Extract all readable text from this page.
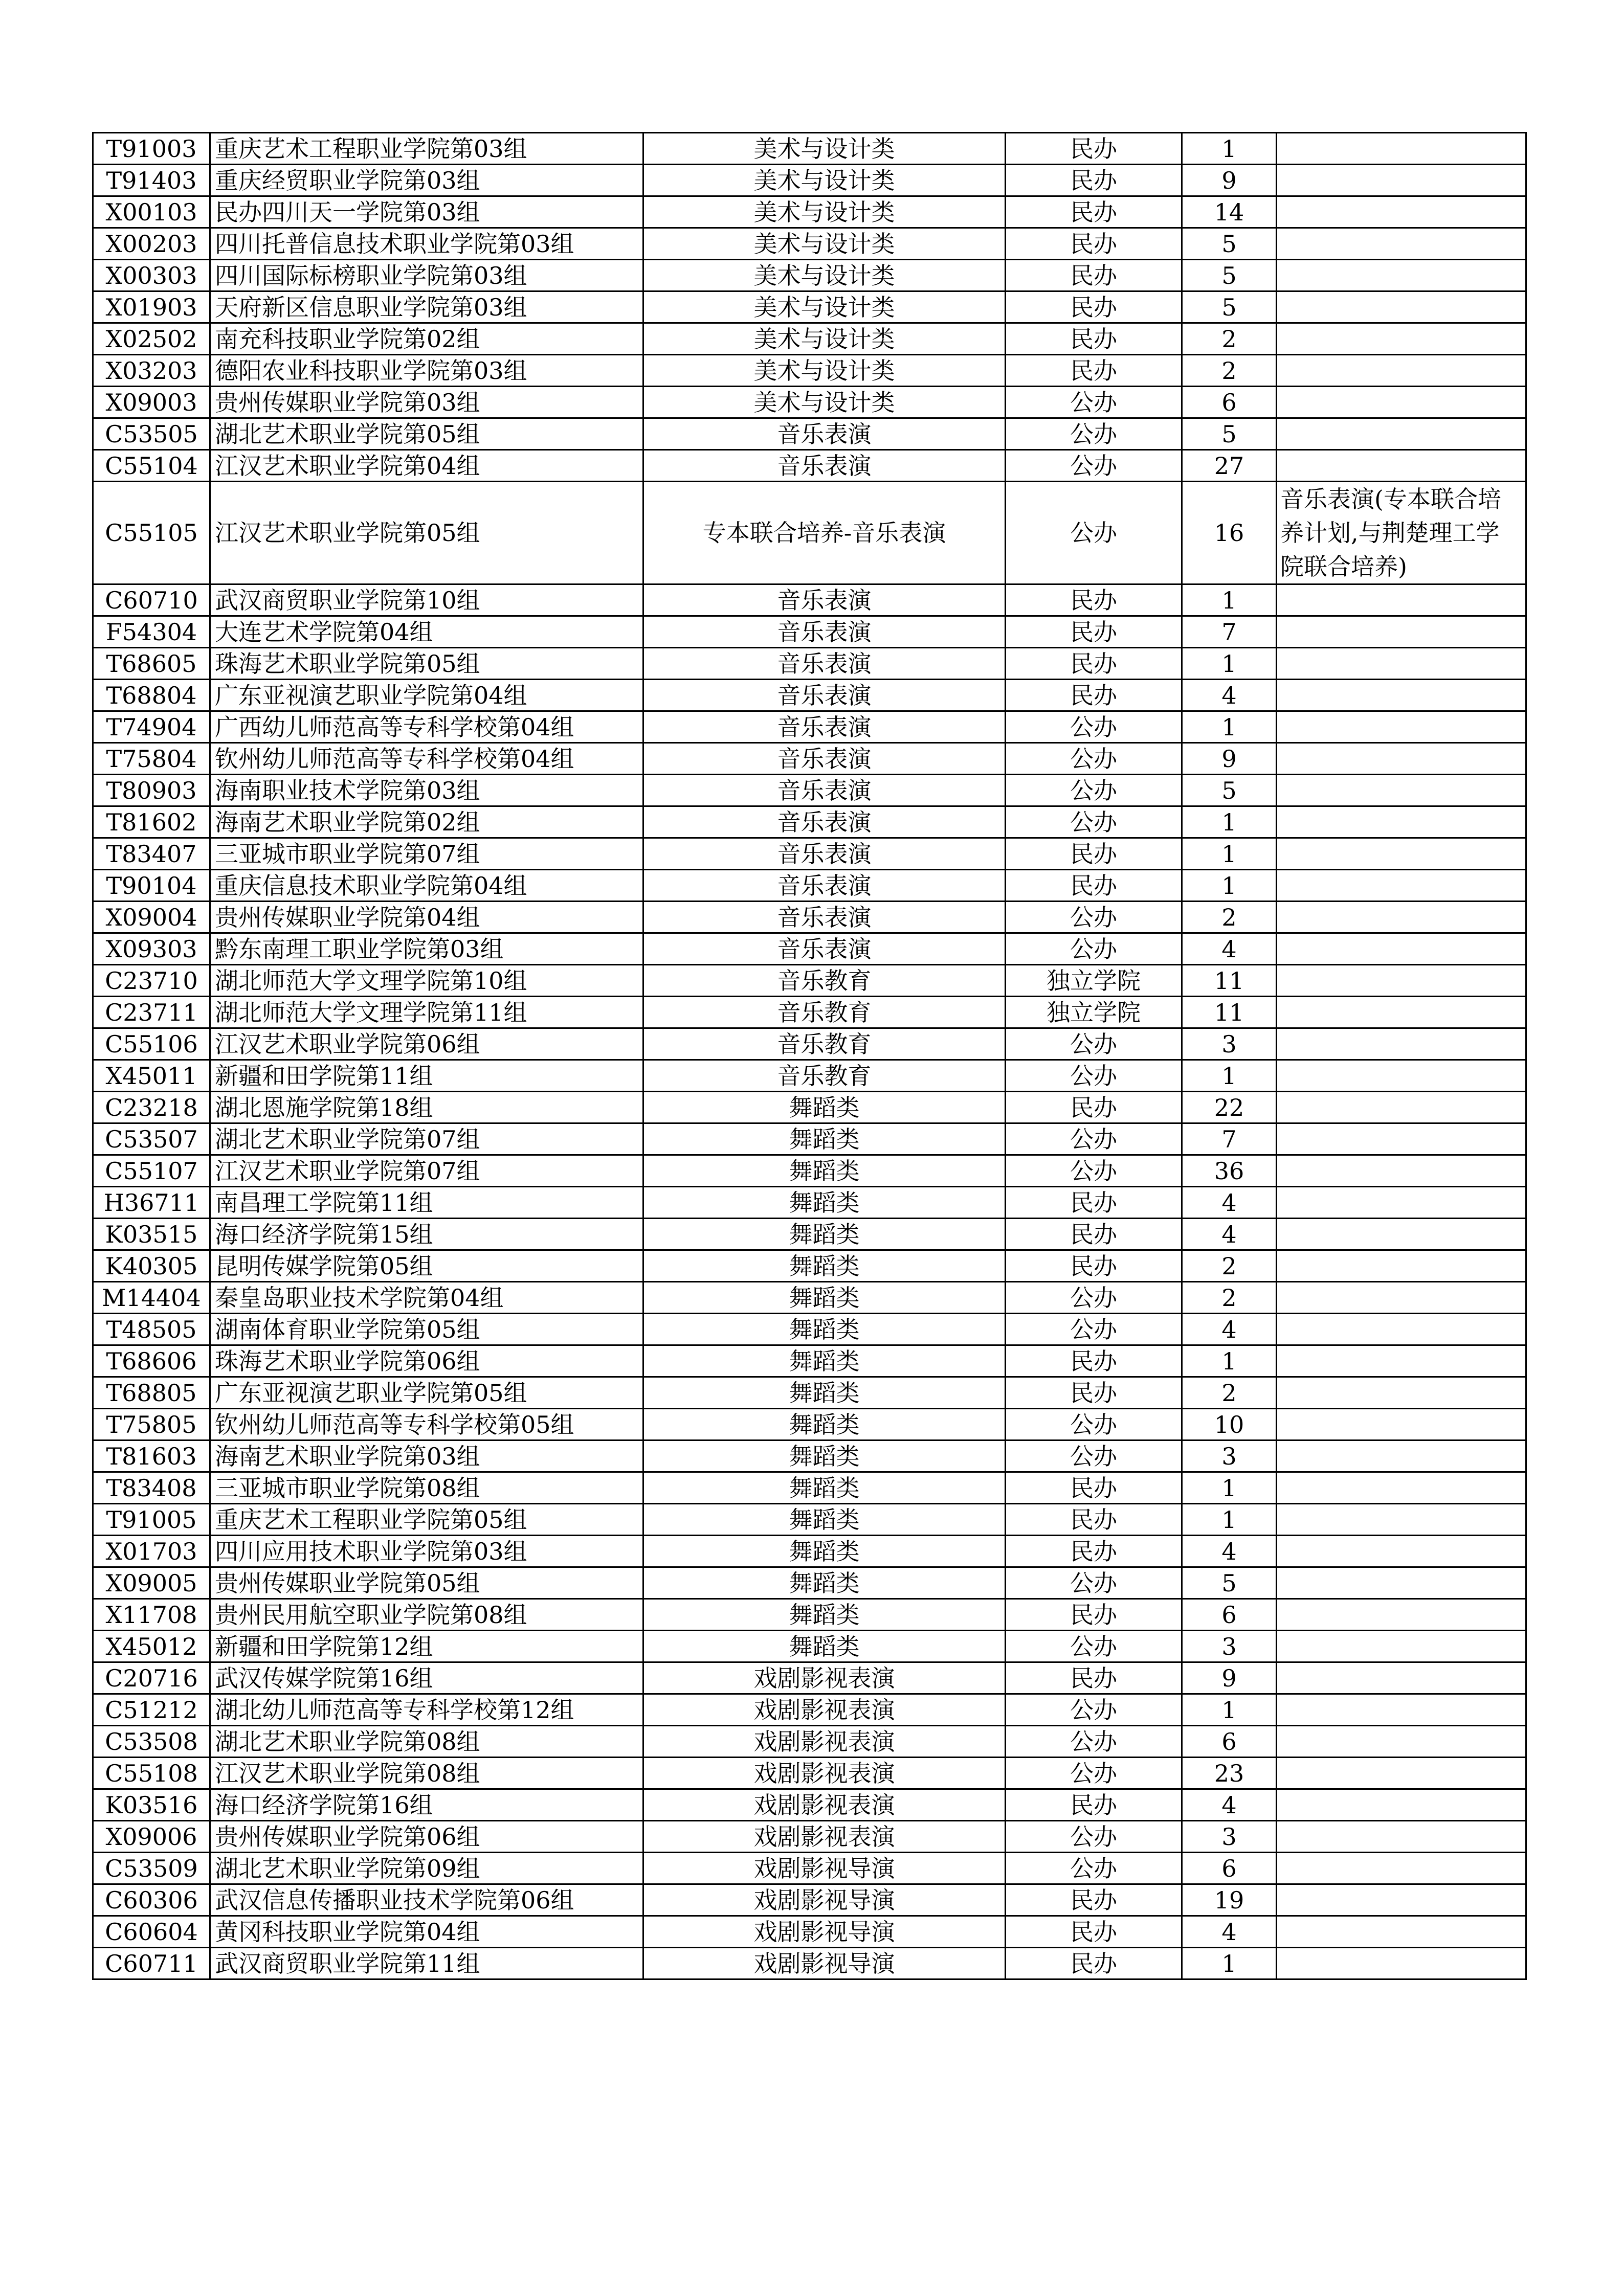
T91003	重庆艺术工程职业学院第03组	美术与设计类	民办	1	
T91403	重庆经贸职业学院第03组	美术与设计类	民办	9	
X00103	民办四川天一学院第03组	美术与设计类	民办	14	
X00203	四川托普信息技术职业学院第03组	美术与设计类	民办	5	
X00303	四川国际标榜职业学院第03组	美术与设计类	民办	5	
X01903	天府新区信息职业学院第03组	美术与设计类	民办	5	
X02502	南充科技职业学院第02组	美术与设计类	民办	2	
X03203	德阳农业科技职业学院第03组	美术与设计类	民办	2	
X09003	贵州传媒职业学院第03组	美术与设计类	公办	6	
C53505	湖北艺术职业学院第05组	音乐表演	公办	5	
C55104	江汉艺术职业学院第04组	音乐表演	公办	27	
C55105	江汉艺术职业学院第05组	专本联合培养-音乐表演	公办	16	音乐表演(专本联合培养计划,与荆楚理工学院联合培养)
C60710	武汉商贸职业学院第10组	音乐表演	民办	1	
F54304	大连艺术学院第04组	音乐表演	民办	7	
T68605	珠海艺术职业学院第05组	音乐表演	民办	1	
T68804	广东亚视演艺职业学院第04组	音乐表演	民办	4	
T74904	广西幼儿师范高等专科学校第04组	音乐表演	公办	1	
T75804	钦州幼儿师范高等专科学校第04组	音乐表演	公办	9	
T80903	海南职业技术学院第03组	音乐表演	公办	5	
T81602	海南艺术职业学院第02组	音乐表演	公办	1	
T83407	三亚城市职业学院第07组	音乐表演	民办	1	
T90104	重庆信息技术职业学院第04组	音乐表演	民办	1	
X09004	贵州传媒职业学院第04组	音乐表演	公办	2	
X09303	黔东南理工职业学院第03组	音乐表演	公办	4	
C23710	湖北师范大学文理学院第10组	音乐教育	独立学院	11	
C23711	湖北师范大学文理学院第11组	音乐教育	独立学院	11	
C55106	江汉艺术职业学院第06组	音乐教育	公办	3	
X45011	新疆和田学院第11组	音乐教育	公办	1	
C23218	湖北恩施学院第18组	舞蹈类	民办	22	
C53507	湖北艺术职业学院第07组	舞蹈类	公办	7	
C55107	江汉艺术职业学院第07组	舞蹈类	公办	36	
H36711	南昌理工学院第11组	舞蹈类	民办	4	
K03515	海口经济学院第15组	舞蹈类	民办	4	
K40305	昆明传媒学院第05组	舞蹈类	民办	2	
M14404	秦皇岛职业技术学院第04组	舞蹈类	公办	2	
T48505	湖南体育职业学院第05组	舞蹈类	公办	4	
T68606	珠海艺术职业学院第06组	舞蹈类	民办	1	
T68805	广东亚视演艺职业学院第05组	舞蹈类	民办	2	
T75805	钦州幼儿师范高等专科学校第05组	舞蹈类	公办	10	
T81603	海南艺术职业学院第03组	舞蹈类	公办	3	
T83408	三亚城市职业学院第08组	舞蹈类	民办	1	
T91005	重庆艺术工程职业学院第05组	舞蹈类	民办	1	
X01703	四川应用技术职业学院第03组	舞蹈类	民办	4	
X09005	贵州传媒职业学院第05组	舞蹈类	公办	5	
X11708	贵州民用航空职业学院第08组	舞蹈类	民办	6	
X45012	新疆和田学院第12组	舞蹈类	公办	3	
C20716	武汉传媒学院第16组	戏剧影视表演	民办	9	
C51212	湖北幼儿师范高等专科学校第12组	戏剧影视表演	公办	1	
C53508	湖北艺术职业学院第08组	戏剧影视表演	公办	6	
C55108	江汉艺术职业学院第08组	戏剧影视表演	公办	23	
K03516	海口经济学院第16组	戏剧影视表演	民办	4	
X09006	贵州传媒职业学院第06组	戏剧影视表演	公办	3	
C53509	湖北艺术职业学院第09组	戏剧影视导演	公办	6	
C60306	武汉信息传播职业技术学院第06组	戏剧影视导演	民办	19	
C60604	黄冈科技职业学院第04组	戏剧影视导演	民办	4	
C60711	武汉商贸职业学院第11组	戏剧影视导演	民办	1	
